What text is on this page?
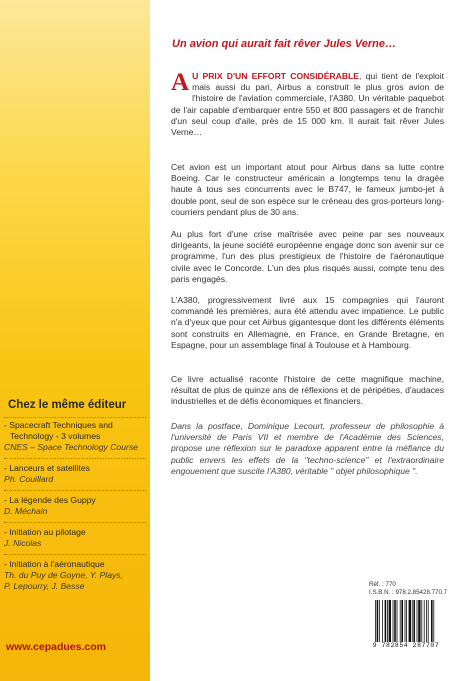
Chez le même éditeur
- Spacecraft Techniques and
Technology - 3 volumes
CNES – Space Technology Course
- Lanceurs et satellites
Ph. Couillard
- La légende des Guppy
D. Méchain
- Initiation au pilotage
J. Nicolas
- Initiation à l'aéronautique
Th. du Puy de Goyne, Y. Plays,
P. Lepourry, J. Besse
www.cepadues.com
Un avion qui aurait fait rêver Jules Verne…
A U PRIX D'UN EFFORT CONSIDÉRABLE, qui tient de l'exploit mais aussi du pari, Airbus a construit le plus gros avion de l'histoire de l'aviation commerciale, l'A380. Un véritable paquebot de l'air capable d'embarquer entre 550 et 800 passagers et de franchir d'un seul coup d'aile, près de 15 000 km. Il aurait fait rêver Jules Verne…
Cet avion est un important atout pour Airbus dans sa lutte contre Boeing. Car le constructeur américain a longtemps tenu la dragée haute à tous ses concurrents avec le B747, le fameux jumbo-jet à double pont, seul de son espèce sur le créneau des gros-porteurs long-courriers pendant plus de 30 ans.
Au plus fort d'une crise maîtrisée avec peine par ses nouveaux dirigeants, la jeune société européenne engage donc son avenir sur ce programme, l'un des plus prestigieux de l'histoire de l'aéronautique civile avec le Concorde. L'un des plus risqués aussi, compte tenu des paris engagés.
L'A380, progressivement livré aux 15 compagnies qui l'auront commandé les premières, aura été attendu avec impatience. Le public n'a d'yeux que pour cet Airbus gigantesque dont les différents éléments sont construits en Allemagne, en France, en Grande Bretagne, en Espagne, pour un assemblage final à Toulouse et à Hambourg.
Ce livre actualisé raconte l'histoire de cette magnifique machine, résultat de plus de quinze ans de réflexions et de péripéties, d'audaces industrielles et de défis économiques et financiers.
Dans la postface, Dominique Lecourt, professeur de philosophie à l'université de Paris VII et membre de l'Académie des Sciences, propose une réflexion sur le paradoxe apparent entre la méfiance du public envers les effets de la "techno-science" et l'extraordinaire engouement que suscite l'A380, véritable " objet philosophique ".
Réf. : 770
I.S.B.N. : 978.2.85428.770.7
9 782854 287707
